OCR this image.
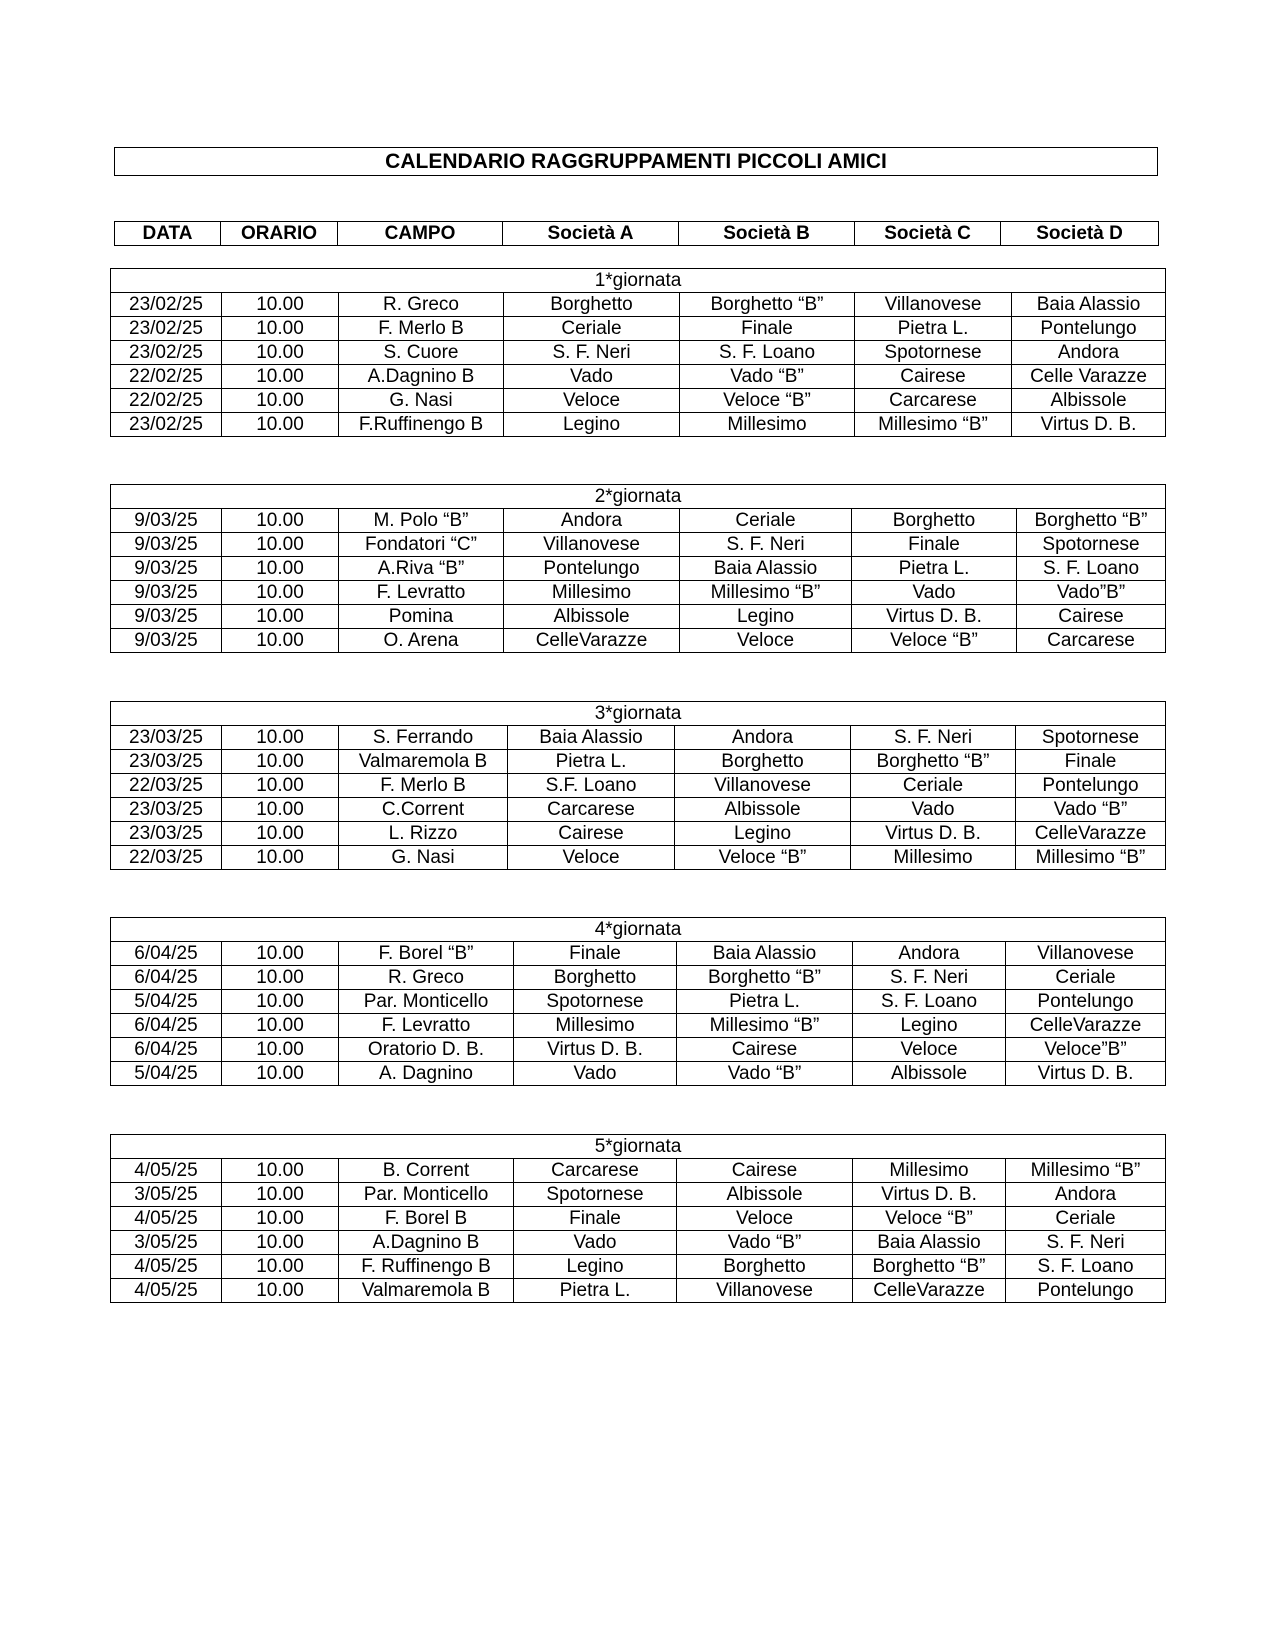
CALENDARIO RAGGRUPPAMENTI PICCOLI AMICI
DATA	ORARIO	CAMPO	Società A	Società B	Società C	Società D
1*giornata						
23/02/25	10.00	R. Greco	Borghetto	Borghetto “B”	Villanovese	Baia Alassio
23/02/25	10.00	F. Merlo B	Ceriale	Finale	Pietra L.	Pontelungo
23/02/25	10.00	S. Cuore	S. F. Neri	S. F. Loano	Spotornese	Andora
22/02/25	10.00	A.Dagnino B	Vado	Vado “B”	Cairese	Celle Varazze
22/02/25	10.00	G. Nasi	Veloce	Veloce “B”	Carcarese	Albissole
23/02/25	10.00	F.Ruffinengo B	Legino	Millesimo	Millesimo “B”	Virtus D. B.
2*giornata						
9/03/25	10.00	M. Polo “B”	Andora	Ceriale	Borghetto	Borghetto “B”
9/03/25	10.00	Fondatori “C”	Villanovese	S. F. Neri	Finale	Spotornese
9/03/25	10.00	A.Riva “B”	Pontelungo	Baia Alassio	Pietra L.	S. F. Loano
9/03/25	10.00	F. Levratto	Millesimo	Millesimo “B”	Vado	Vado”B”
9/03/25	10.00	Pomina	Albissole	Legino	Virtus D. B.	Cairese
9/03/25	10.00	O. Arena	CelleVarazze	Veloce	Veloce “B”	Carcarese
3*giornata						
23/03/25	10.00	S. Ferrando	Baia Alassio	Andora	S. F. Neri	Spotornese
23/03/25	10.00	Valmaremola B	Pietra L.	Borghetto	Borghetto “B”	Finale
22/03/25	10.00	F. Merlo B	S.F. Loano	Villanovese	Ceriale	Pontelungo
23/03/25	10.00	C.Corrent	Carcarese	Albissole	Vado	Vado “B”
23/03/25	10.00	L. Rizzo	Cairese	Legino	Virtus D. B.	CelleVarazze
22/03/25	10.00	G. Nasi	Veloce	Veloce “B”	Millesimo	Millesimo “B”
4*giornata						
6/04/25	10.00	F. Borel “B”	Finale	Baia Alassio	Andora	Villanovese
6/04/25	10.00	R. Greco	Borghetto	Borghetto “B”	S. F. Neri	Ceriale
5/04/25	10.00	Par. Monticello	Spotornese	Pietra L.	S. F. Loano	Pontelungo
6/04/25	10.00	F. Levratto	Millesimo	Millesimo “B”	Legino	CelleVarazze
6/04/25	10.00	Oratorio D. B.	Virtus D. B.	Cairese	Veloce	Veloce”B”
5/04/25	10.00	A. Dagnino	Vado	Vado “B”	Albissole	Virtus D. B.
5*giornata						
4/05/25	10.00	B. Corrent	Carcarese	Cairese	Millesimo	Millesimo “B”
3/05/25	10.00	Par. Monticello	Spotornese	Albissole	Virtus D. B.	Andora
4/05/25	10.00	F. Borel B	Finale	Veloce	Veloce “B”	Ceriale
3/05/25	10.00	A.Dagnino B	Vado	Vado “B”	Baia Alassio	S. F. Neri
4/05/25	10.00	F. Ruffinengo B	Legino	Borghetto	Borghetto “B”	S. F. Loano
4/05/25	10.00	Valmaremola B	Pietra L.	Villanovese	CelleVarazze	Pontelungo
